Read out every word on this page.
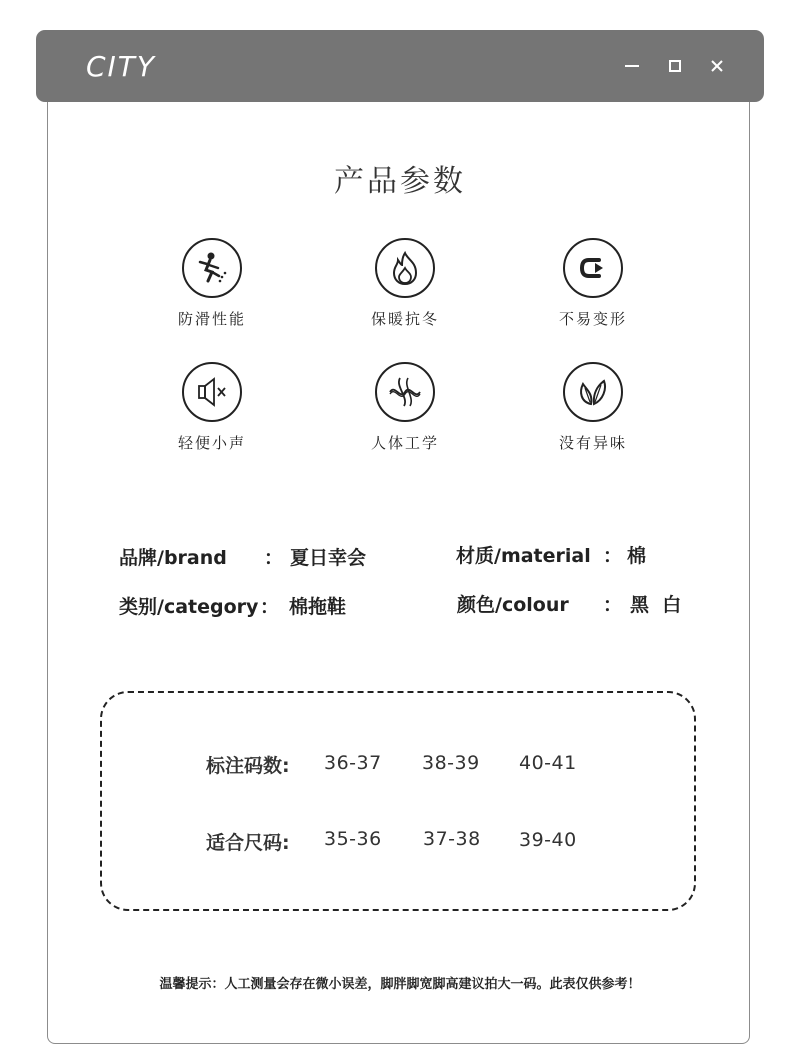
CITY
产品参数
防滑性能	保暖抗冬	不易变形
轻便小声	人体工学	没有异味
品牌/brand ： 夏日幸会	材质/material ： 棉
类别/category ： 棉拖鞋	颜色/colour ： 黑  白
标注码数: 36-37 38-39 40-41
适合尺码: 35-36 37-38 39-40
温馨提示：人工测量会存在微小误差，脚胖脚宽脚高建议拍大一码。此表仅供参考！
